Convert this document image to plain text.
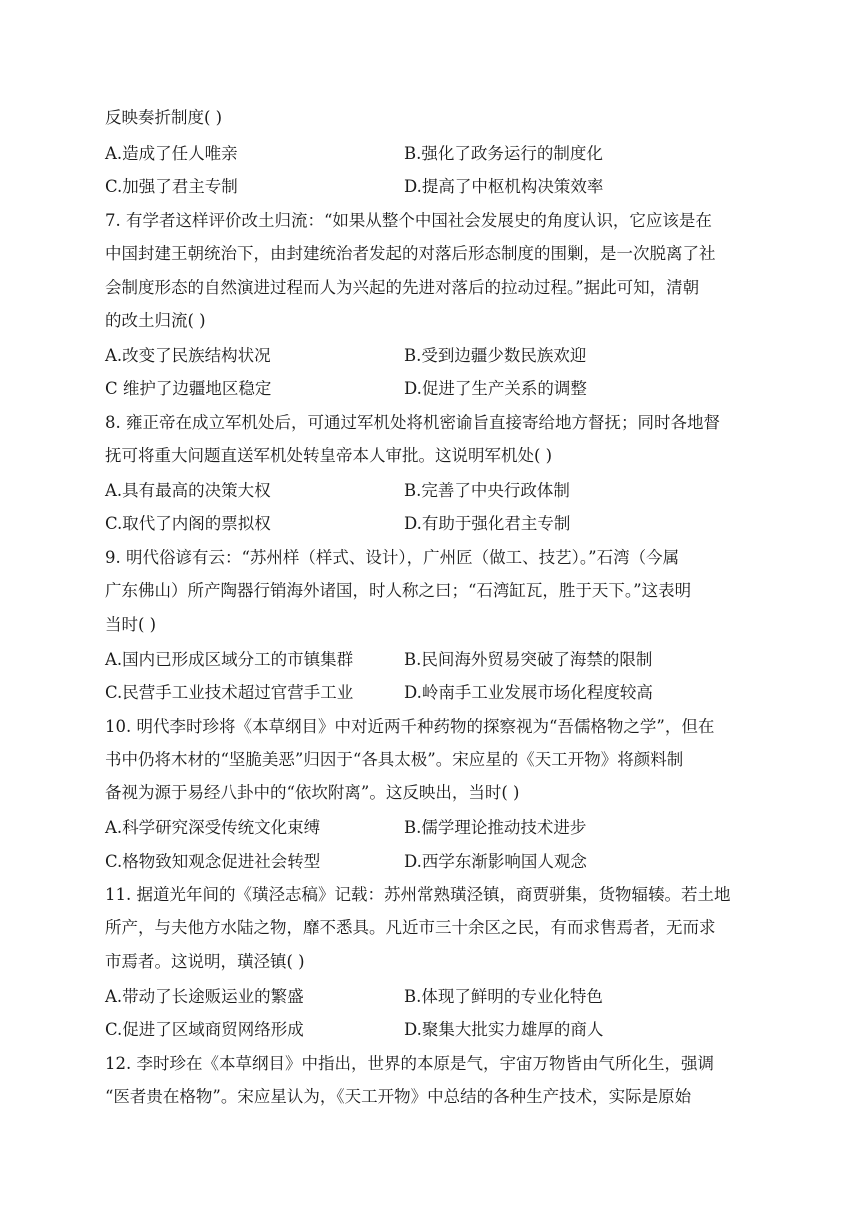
反映奏折制度( )
A.造成了任人唯亲	B.强化了政务运行的制度化
C.加强了君主专制	D.提高了中枢机构决策效率
7. 有学者这样评价改土归流：“如果从整个中国社会发展史的角度认识，它应该是在
中国封建王朝统治下，由封建统治者发起的对落后形态制度的围剿，是一次脱离了社
会制度形态的自然演进过程而人为兴起的先进对落后的拉动过程。”据此可知，清朝
的改土归流( )
A.改变了民族结构状况	B.受到边疆少数民族欢迎
C 维护了边疆地区稳定	D.促进了生产关系的调整
8. 雍正帝在成立军机处后，可通过军机处将机密谕旨直接寄给地方督抚；同时各地督
抚可将重大问题直送军机处转皇帝本人审批。这说明军机处( )
A.具有最高的决策大权	B.完善了中央行政体制
C.取代了内阁的票拟权	D.有助于强化君主专制
9. 明代俗谚有云：“苏州样（样式、设计），广州匠（做工、技艺）。”石湾（今属
广东佛山）所产陶器行销海外诸国，时人称之曰；“石湾缸瓦，胜于天下。”这表明
当时( )
A.国内已形成区域分工的市镇集群	B.民间海外贸易突破了海禁的限制
C.民营手工业技术超过官营手工业	D.岭南手工业发展市场化程度较高
10. 明代李时珍将《本草纲目》中对近两千种药物的探察视为“吾儒格物之学”，但在
书中仍将木材的“坚脆美恶”归因于“各具太极”。宋应星的《天工开物》将颜料制
备视为源于易经八卦中的“依坎附离”。这反映出，当时( )
A.科学研究深受传统文化束缚	B.儒学理论推动技术进步
C.格物致知观念促进社会转型	D.西学东渐影响国人观念
11. 据道光年间的《璜泾志稿》记载：苏州常熟璜泾镇，商贾骈集，货物辐辏。若土地
所产，与夫他方水陆之物，靡不悉具。凡近市三十余区之民，有而求售焉者，无而求
市焉者。这说明，璜泾镇( )
A.带动了长途贩运业的繁盛	B.体现了鲜明的专业化特色
C.促进了区域商贸网络形成	D.聚集大批实力雄厚的商人
12. 李时珍在《本草纲目》中指出，世界的本原是气，宇宙万物皆由气所化生，强调
“医者贵在格物”。宋应星认为，《天工开物》中总结的各种生产技术，实际是原始
